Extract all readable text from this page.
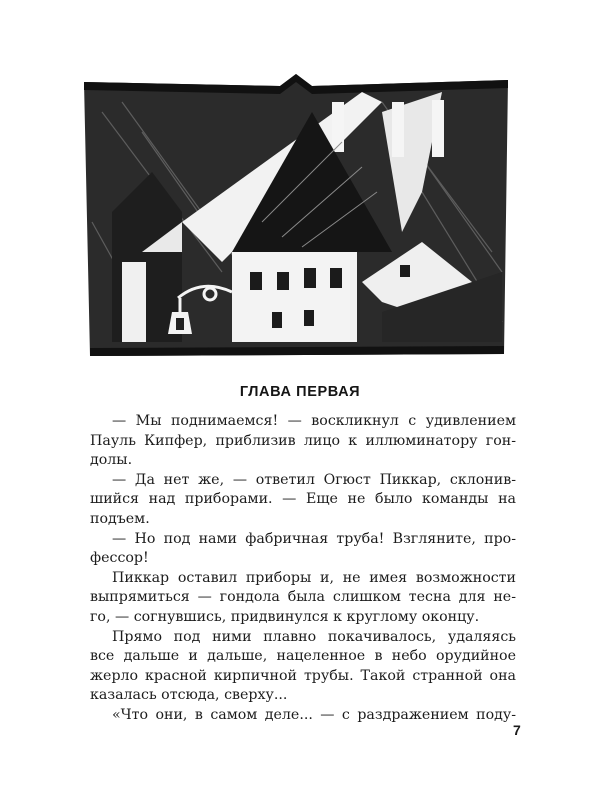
ГЛАВА ПЕРВАЯ
— Мы поднимаемся! — воскликнул с удивлением
Пауль Кипфер, приблизив лицо к иллюминатору гон-
долы.
— Да нет же, — ответил Огюст Пиккар, склонив-
шийся над приборами. — Еще не было команды на
подъем.
— Но под нами фабричная труба! Взгляните, про-
фессор!
Пиккар оставил приборы и, не имея возможности
выпрямиться — гондола была слишком тесна для не-
го, — согнувшись, придвинулся к круглому оконцу.
Прямо под ними плавно покачивалось, удаляясь
все дальше и дальше, нацеленное в небо орудийное
жерло красной кирпичной трубы. Такой странной она
казалась отсюда, сверху...
«Что они, в самом деле... — с раздражением поду-
7
